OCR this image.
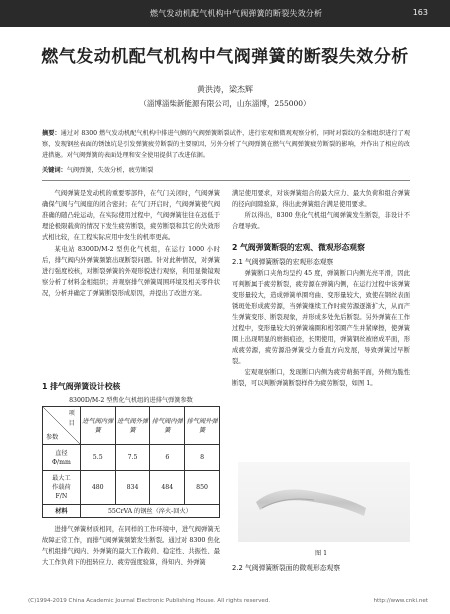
燃气发动机配气机构中气阀弹簧的断裂失效分析	163
燃气发动机配气机构中气阀弹簧的断裂失效分析
黄洪涛，梁杰辉
（淄博淄柴新能源有限公司，山东淄博，255000）
摘要：通过对 8300 燃气发动机配气机构中排进气侧的气阀弹簧断裂试件，进行宏观和微观观察分析，同时对裂纹的金相组织进行了观察，发现钢丝表面的锈蚀坑是引发弹簧疲劳断裂的主要原因，另外分析了气阀弹簧在燃气气阀弹簧疲劳断裂的影响，并作出了相应的改进措施。对气阀弹簧的表面处理和安全使用提供了改进依据。
关键词：气阀弹簧，失效分析，疲劳断裂

气阀弹簧是发动机的重要零部件，在气门关闭时，气阀弹簧确保气阀与气阀座的闭合密封；在气门开启时，气阀弹簧使气阀准确的随凸轮运动，在实际使用过程中，气阀弹簧往往在远低于理论极限载荷的情况下发生疲劳断裂，疲劳断裂和其它的失效形式相比较，在工程实际应用中发生的机率更高。

某电站 8300D/M-2 型焦化气机组，在运行 1000 小时后，排气阀内外弹簧频繁出现断裂问题。针对此种情况，对弹簧进行强度校核，对断裂弹簧的外观形貌进行观察，利用显微镜观察分析了材料金相组织；并观察排气弹簧周围环境及相关零件状况，分析并确定了弹簧断裂形成原因，并提出了改进方案。

1 排气阀弹簧设计校核
8300D/M-2 型焦化气机组的进排气弹簧参数
项
目
参数	进气阀内弹簧	进气阀外弹簧	排气阀内弹簧	排气阀外弹簧

直径
Φ/mm	5.5	7.5	6	8

最大工
作载荷
F/N	480	834	484	850
材料	55CrVA 的钢丝（淬火-回火）			

进排气弹簧材质相同，在同样的工作环境中，进气阀弹簧无故障正常工作，而排气阀弹簧频繁发生断裂。通过对 8300 焦化气机组排气阀内、外弹簧的最大工作载荷、稳定性、共振性、最大工作负荷下的扭转应力、疲劳强度验算，得知内、外弹簧

满足使用要求，对该弹簧组合的最大应力、最大负荷和组合弹簧的径向间隙验算，得出此弹簧组合满足使用要求。

所以得出，8300 焦化气机组气阀弹簧发生断裂，非设计不合理导致。

2 气阀弹簧断裂的宏观、微观形态观察
2.1 气阀弹簧断裂的宏观形态观察

弹簧断口夹角均呈约 45 度，弹簧断口内侧光亮平滑，因此可判断属于疲劳断裂，疲劳源在弹簧内侧，在运行过程中该弹簧变形量较大，造成弹簧单圈弯曲、变形量较大，致使在钢丝表面锈斑处形成疲劳源，当弹簧继续工作时疲劳源逐渐扩大，从而产生弹簧变形、断裂现象，并形成多处先后断裂。另外弹簧在工作过程中，变形量较大的弹簧端圈和相邻圈产生并紧摩擦，使弹簧圈上出现明显的磨损痕迹，长期使用，弹簧钢丝被磨成平面，形成疲劳源，疲劳源沿弹簧受力垂直方向发展，导致弹簧过早断裂。

宏观观察断口，发现断口内侧为疲劳萌损平面，外侧为脆性断裂，可以判断弹簧断裂样件为疲劳断裂，如图 1。

图 1
2.2 气阀弹簧断裂面的微观形态观察
(C)1994-2019 China Academic Journal Electronic Publishing House. All rights reserved.	http://www.cnki.net
